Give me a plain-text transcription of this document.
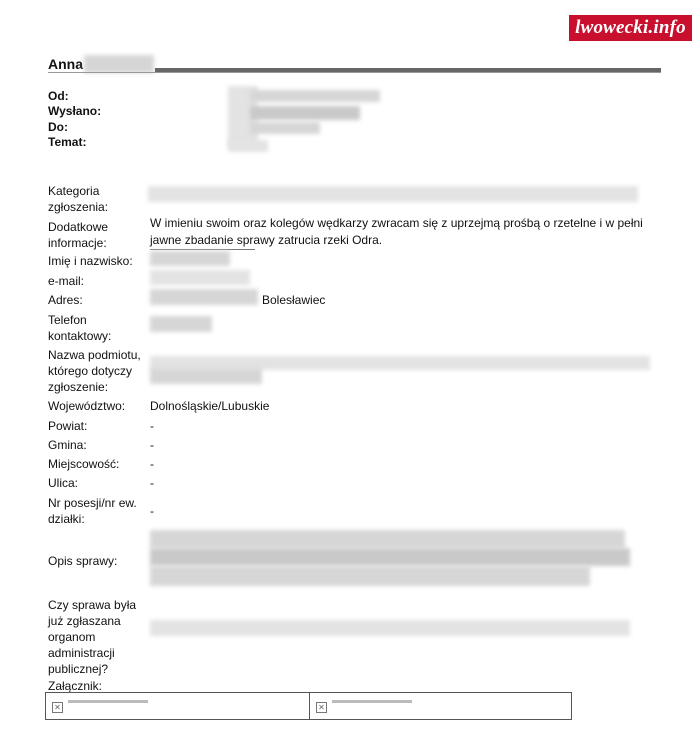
lwowecki.info
Anna
Od:
Wysłano:
Do:
Temat:
Kategoria zgłoszenia:
Dodatkowe informacje:
W imieniu swoim oraz kolegów wędkarzy zwracam się z uprzejmą prośbą o rzetelne i w pełni jawne zbadanie sprawy zatrucia rzeki Odra.
Imię i nazwisko:
e-mail:
Adres:	Bolesławiec
Telefon kontaktowy:
Nazwa podmiotu, którego dotyczy zgłoszenie:
Województwo: Dolnośląskie/Lubuskie
Powiat:	-
Gmina:	-
Miejscowość:	-
Ulica:	-
Nr posesji/nr ew. działki:
-
Opis sprawy:
Czy sprawa była już zgłaszana organom administracji publicznej?
Załącznik:
✕	✕
